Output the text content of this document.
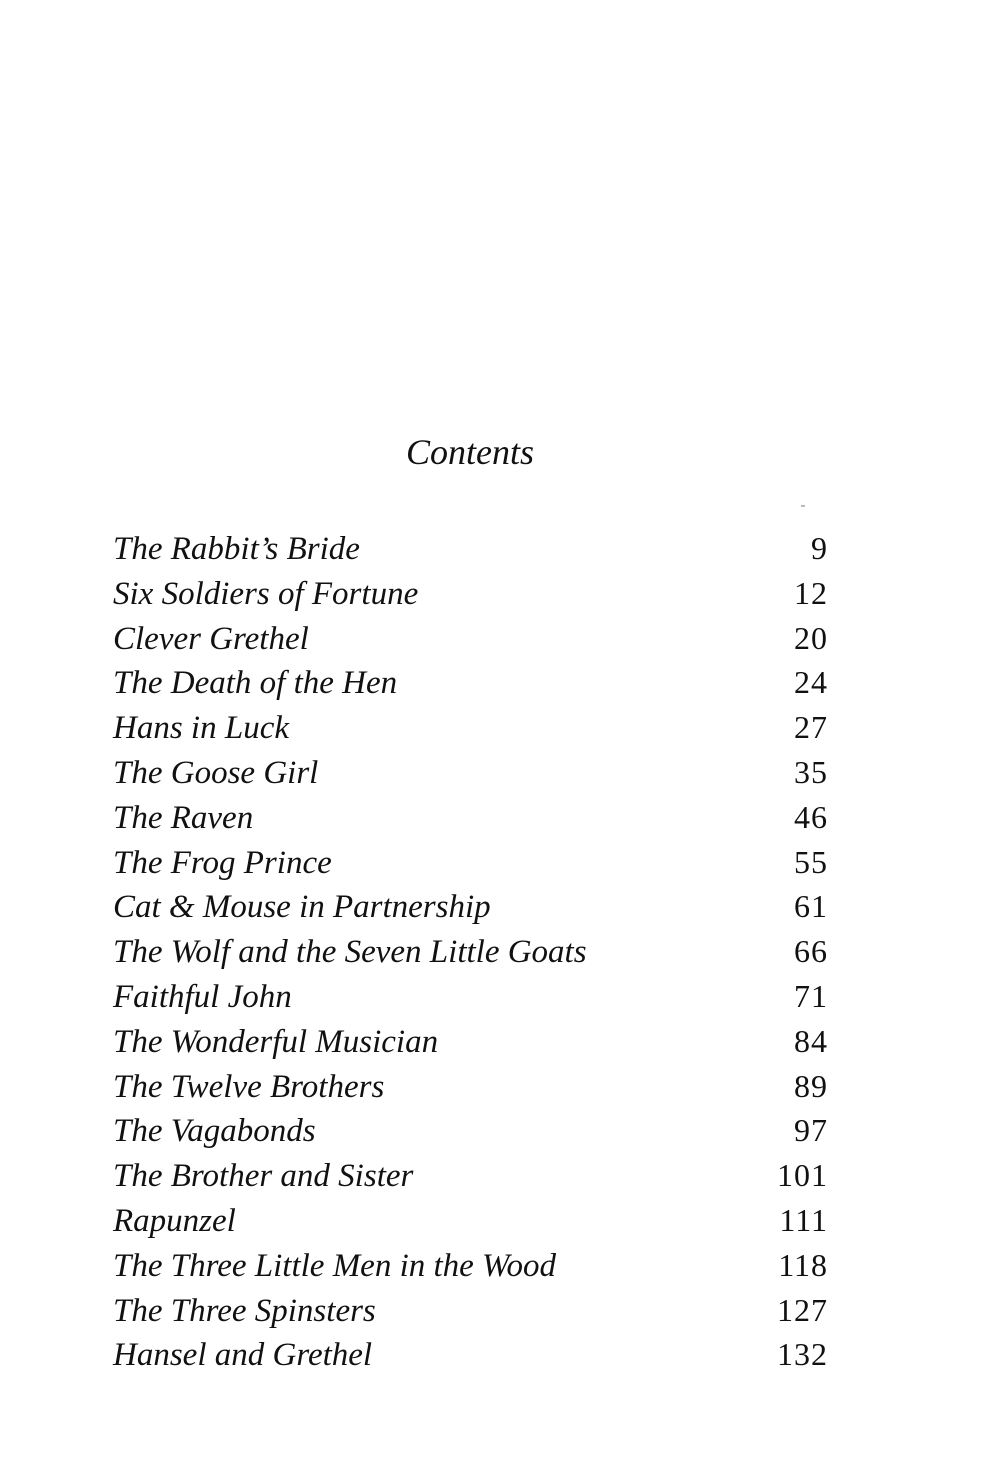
Contents
The Rabbit’s Bride	9
Six Soldiers of Fortune	12
Clever Grethel	20
The Death of the Hen	24
Hans in Luck	27
The Goose Girl	35
The Raven	46
The Frog Prince	55
Cat & Mouse in Partnership	61
The Wolf and the Seven Little Goats	66
Faithful John	71
The Wonderful Musician	84
The Twelve Brothers	89
The Vagabonds	97
The Brother and Sister	101
Rapunzel	111
The Three Little Men in the Wood	118
The Three Spinsters	127
Hansel and Grethel	132
